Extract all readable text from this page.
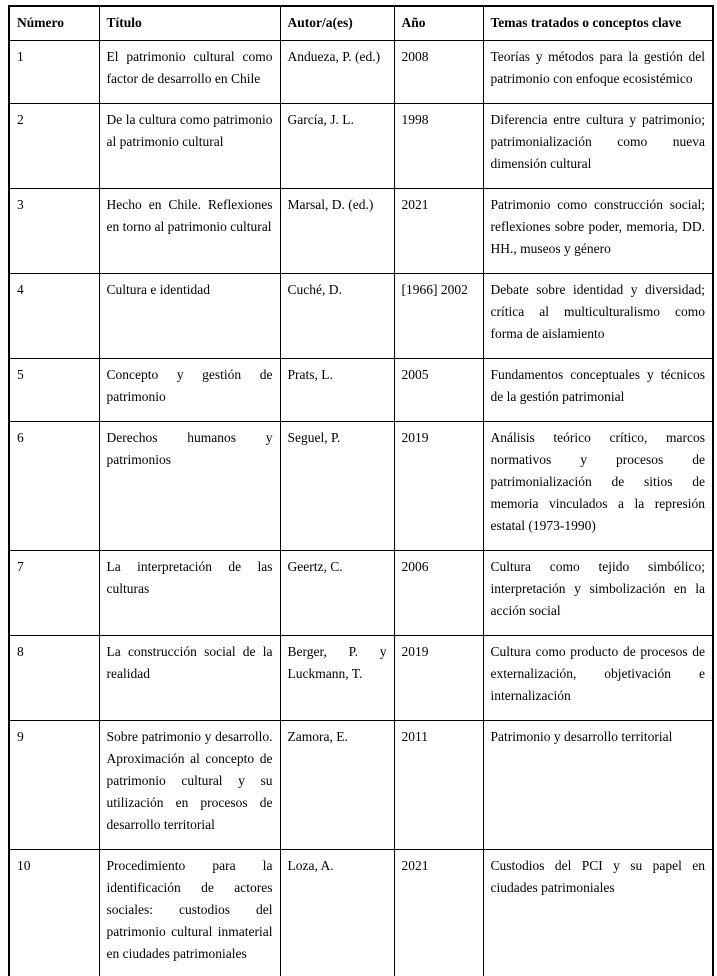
Número	Título	Autor/a(es)	Año	Temas tratados o conceptos clave
1	El patrimonio cultural como factor de desarrollo en Chile	Andueza, P. (ed.)	2008	Teorías y métodos para la gestión del patrimonio con enfoque ecosistémico
2	De la cultura como patrimonio al patrimonio cultural	García, J. L.	1998	Diferencia entre cultura y patrimonio; patrimonialización como nueva dimensión cultural
3	Hecho en Chile. Reflexiones en torno al patrimonio cultural	Marsal, D. (ed.)	2021	Patrimonio como construcción social; reflexiones sobre poder, memoria, DD. HH., museos y género
4	Cultura e identidad	Cuché, D.	[1966] 2002	Debate sobre identidad y diversidad; crítica al multiculturalismo como forma de aislamiento
5	Concepto y gestión de patrimonio	Prats, L.	2005	Fundamentos conceptuales y técnicos de la gestión patrimonial
6	Derechos humanos y patrimonios	Seguel, P.	2019	Análisis teórico crítico, marcos normativos y procesos de patrimonialización de sitios de memoria vinculados a la represión estatal (1973-1990)
7	La interpretación de las culturas	Geertz, C.	2006	Cultura como tejido simbólico; interpretación y simbolización en la acción social
8	La construcción social de la realidad	Berger, P. y Luckmann, T.	2019	Cultura como producto de procesos de externalización, objetivación e internalización
9	Sobre patrimonio y desarrollo. Aproximación al concepto de patrimonio cultural y su utilización en procesos de desarrollo territorial	Zamora, E.	2011	Patrimonio y desarrollo territorial
10	Procedimiento para la identificación de actores sociales: custodios del patrimonio cultural inmaterial en ciudades patrimoniales	Loza, A.	2021	Custodios del PCI y su papel en ciudades patrimoniales
